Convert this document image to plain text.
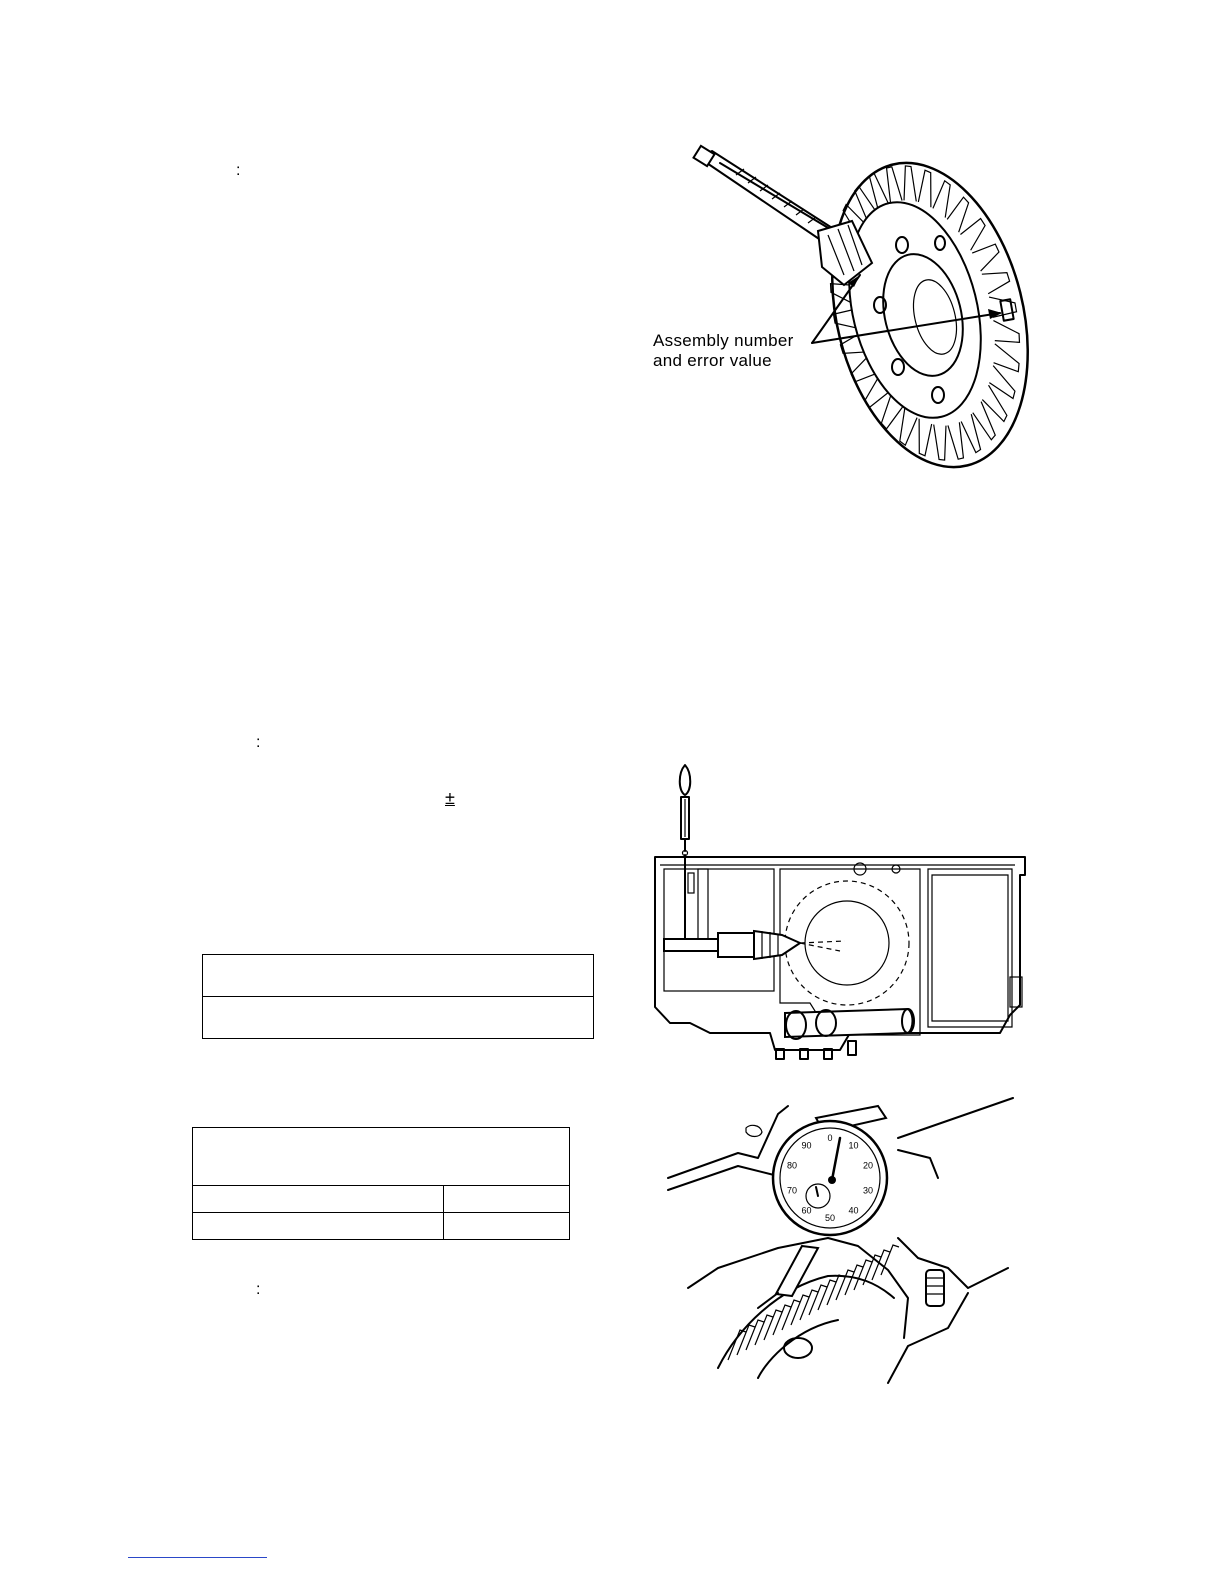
:
:
±
:

Assembly number
and error value
0
10
20
30
40
50
60
70
80
90
